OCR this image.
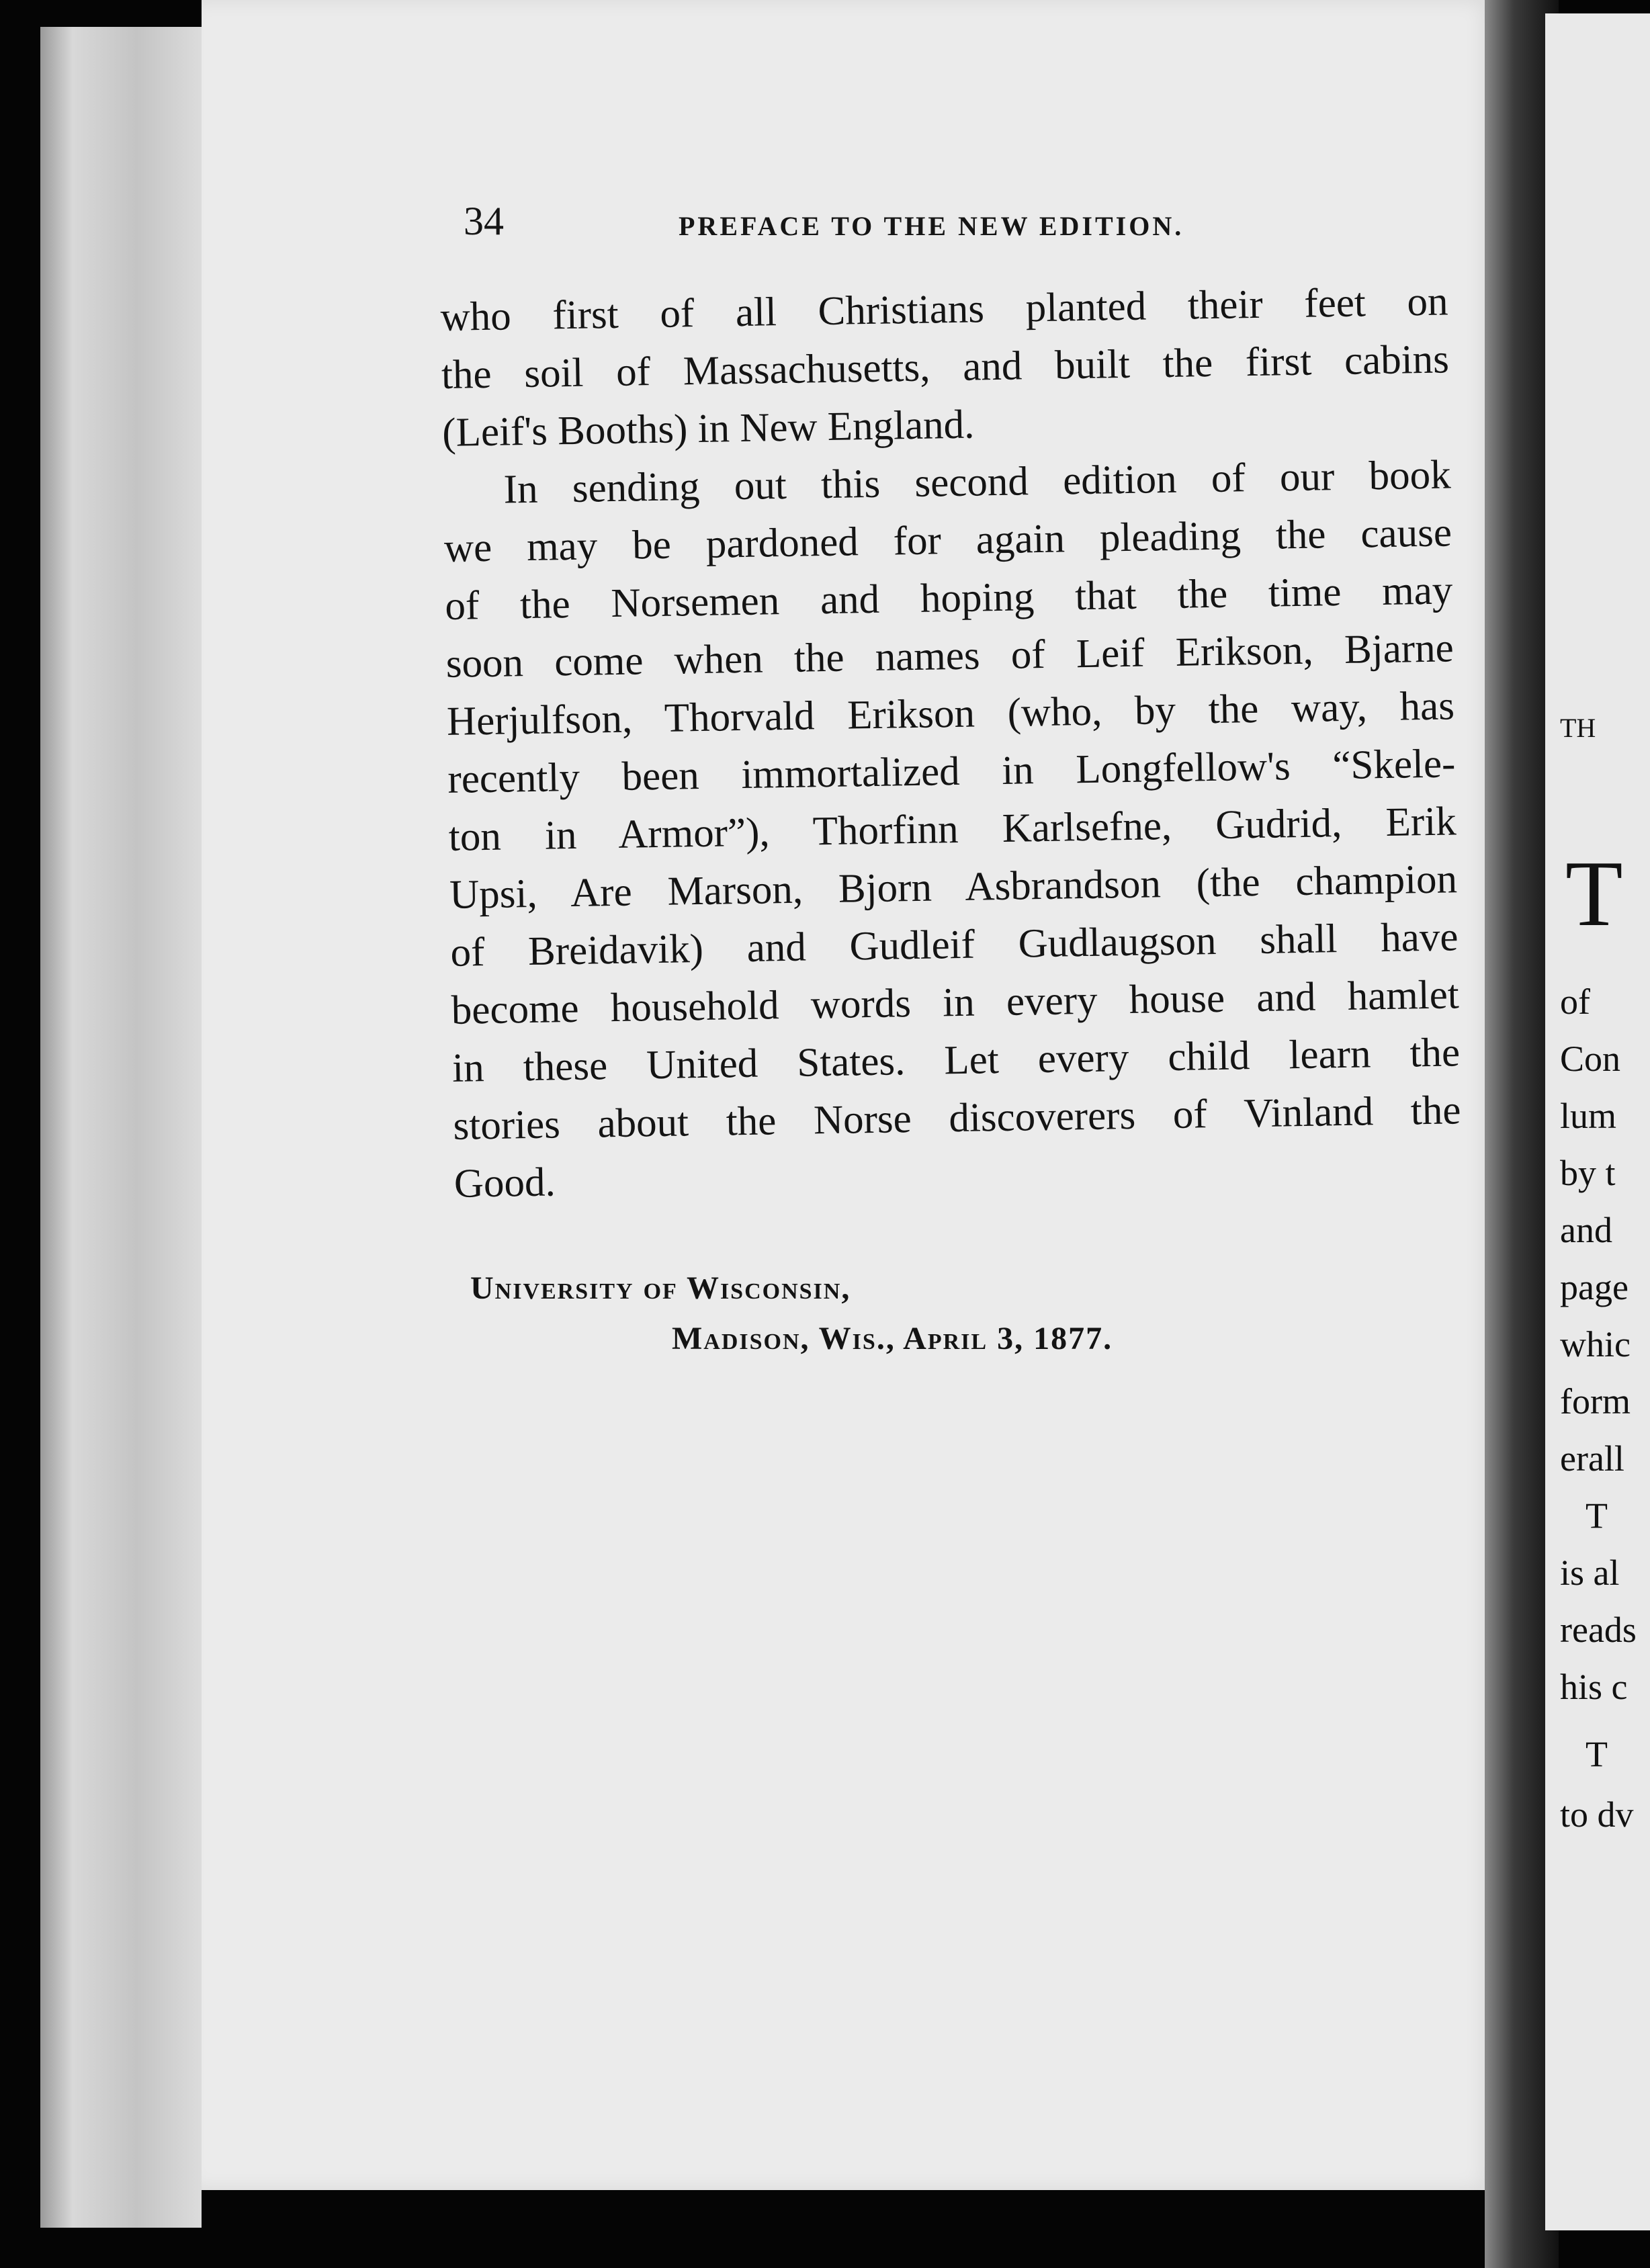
34	PREFACE TO THE NEW EDITION.
who first of all Christians planted their feet on
the soil of Massachusetts, and built the first cabins
(Leif's Booths) in New England.
In sending out this second edition of our book
we may be pardoned for again pleading the cause
of the Norsemen and hoping that the time may
soon come when the names of Leif Erikson, Bjarne
Herjulfson, Thorvald Erikson (who, by the way, has
recently been immortalized in Longfellow's “Skele-
ton in Armor”), Thorfinn Karlsefne, Gudrid, Erik
Upsi, Are Marson, Bjorn Asbrandson (the champion
of Breidavik) and Gudleif Gudlaugson shall have
become household words in every house and hamlet
in these United States. Let every child learn the
stories about the Norse discoverers of Vinland the
Good.
University of Wisconsin,
Madison, Wis., April 3, 1877.
TH
T
of
Con
lum
by t
and
page
whic
form
erall
T
is al
reads
his c
T
to dv
